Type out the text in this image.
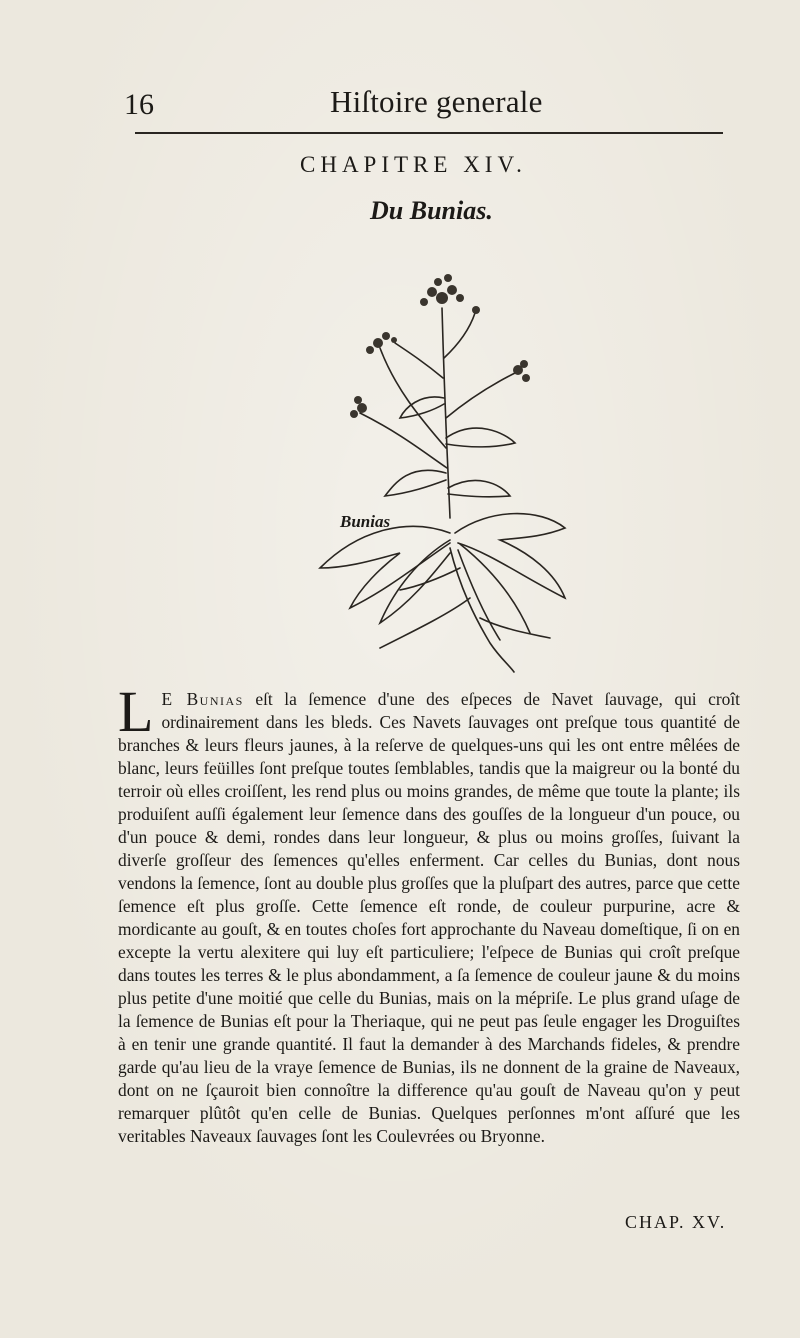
16	Hiſtoire generale
CHAPITRE XIV.
Du Bunias.
Bunias
L E Bunias eſt la ſemence d'une des eſpeces de Navet ſauvage, qui croît ordinairement dans les bleds. Ces Navets ſauvages ont preſque tous quantité de branches & leurs fleurs jaunes, à la reſerve de quelques-uns qui les ont entre mêlées de blanc, leurs feüilles ſont preſque toutes ſemblables, tandis que la maigreur ou la bonté du terroir où elles croiſſent, les rend plus ou moins grandes, de même que toute la plante; ils produiſent auſſi également leur ſemence dans des gouſſes de la longueur d'un pouce, ou d'un pouce & demi, rondes dans leur longueur, & plus ou moins groſſes, ſuivant la diverſe groſſeur des ſemences qu'elles enferment. Car celles du Bunias, dont nous vendons la ſemence, ſont au double plus groſſes que la pluſpart des autres, parce que cette ſemence eſt plus groſſe. Cette ſemence eſt ronde, de couleur purpurine, acre & mordicante au gouſt, & en toutes choſes fort approchante du Naveau domeſtique, ſi on en excepte la vertu alexitere qui luy eſt particuliere; l'eſpece de Bunias qui croît preſque dans toutes les terres & le plus abondamment, a ſa ſemence de couleur jaune & du moins plus petite d'une moitié que celle du Bunias, mais on la mépriſe. Le plus grand uſage de la ſemence de Bunias eſt pour la Theriaque, qui ne peut pas ſeule engager les Droguiſtes à en tenir une grande quantité. Il faut la demander à des Marchands fideles, & prendre garde qu'au lieu de la vraye ſemence de Bunias, ils ne donnent de la graine de Naveaux, dont on ne ſçauroit bien connoître la difference qu'au gouſt de Naveau qu'on y peut remarquer plûtôt qu'en celle de Bunias. Quelques perſonnes m'ont aſſuré que les veritables Naveaux ſauvages ſont les Coulevrées ou Bryonne.
CHAP. XV.
